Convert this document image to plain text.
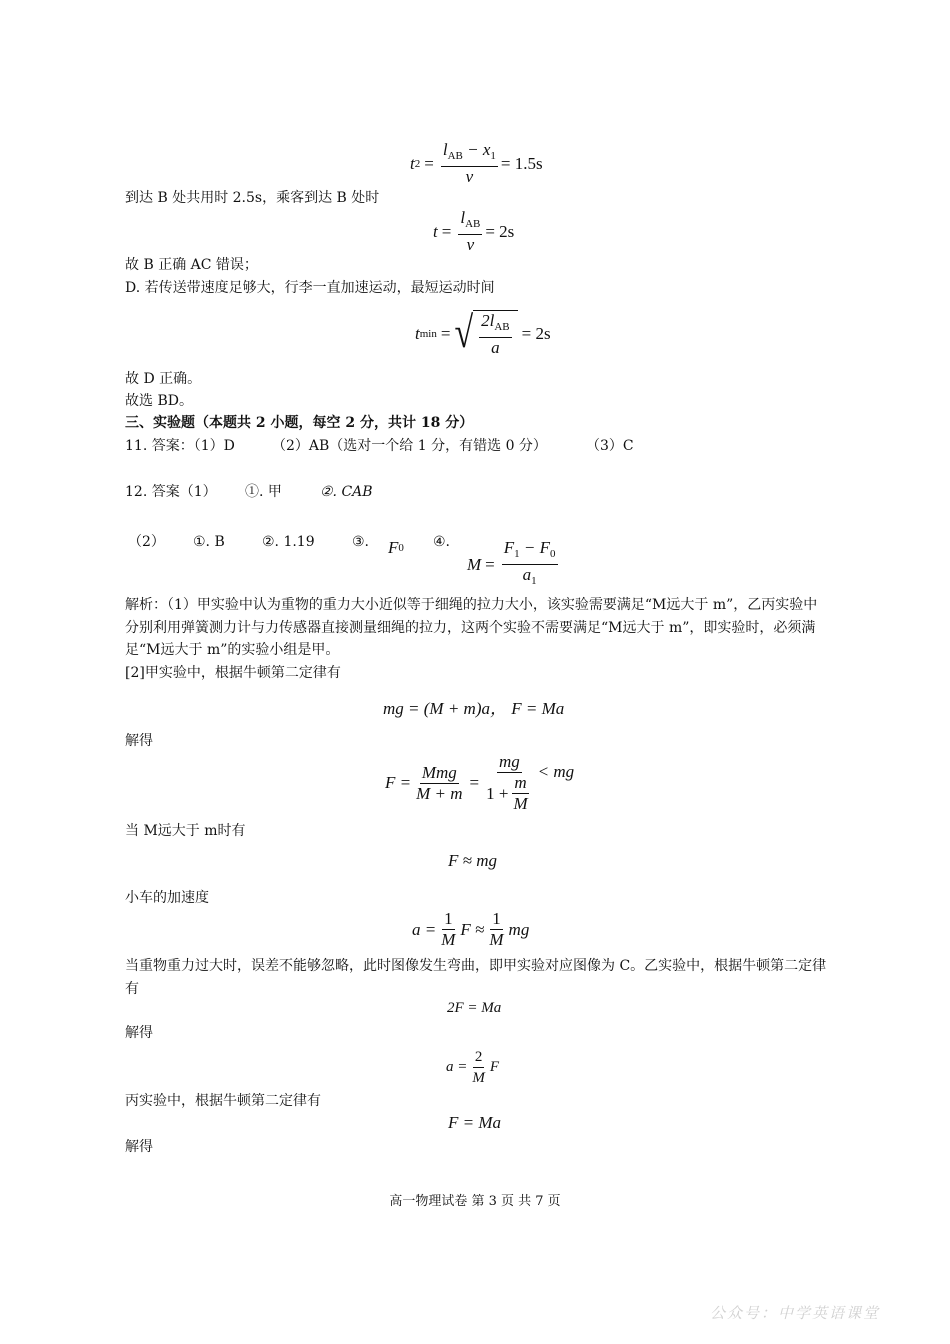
t $2 = \frac{l_{AB} - x_1}{v} = 1.5s$
到达 B 处共用时 2.5s，乘客到达 B 处时
$t = \frac{l_{AB}}{v} = 2s$
故 B 正确 AC 错误；
D. 若传送带速度足够大，行李一直加速运动，最短运动时间
t min = √ $\frac{2l_{AB}}{a} = 2s$
故 D 正确。
故选 BD。
三、实验题（本题共 2 小题，每空 2 分，共计 18 分）
11. 答案：（1）D	（2）AB（选对一个给 1 分，有错选 0 分）	（3）C
12. 答案（1） ①. 甲	②. CAB
（2） ①. B	②. 1.19	③. F 0 ④.
$M = \frac{F_1 - F_0}{a_1}$
解析：（1）甲实验中认为重物的重力大小近似等于细绳的拉力大小，该实验需要满足“M远大于 m”，乙丙实验中分别利用弹簧测力计与力传感器直接测量细绳的拉力，这两个实验不需要满足“M远大于 m”，即实验时，必须满足“M远大于 m”的实验小组是甲。
[2]甲实验中，根据牛顿第二定律有
mg = (M + m)a， F = Ma
解得
$F = \frac{\text{Mmg}}{M + m} = \frac{mg}{1 + \frac{m}{M}}$ < mg
当 M远大于 m时有
F ≈ mg
小车的加速度
$a = \frac{1}{M}$ $F \approx \frac{1}{M}$ mg
当重物重力过大时，误差不能够忽略，此时图像发生弯曲，即甲实验对应图像为 C。乙实验中，根据牛顿第二定律有
2F = Ma
解得
$a = \frac{2}{M}$ F
丙实验中，根据牛顿第二定律有
F = Ma
解得
高一物理试卷 第 3 页 共 7 页
公众号：中学英语课堂
